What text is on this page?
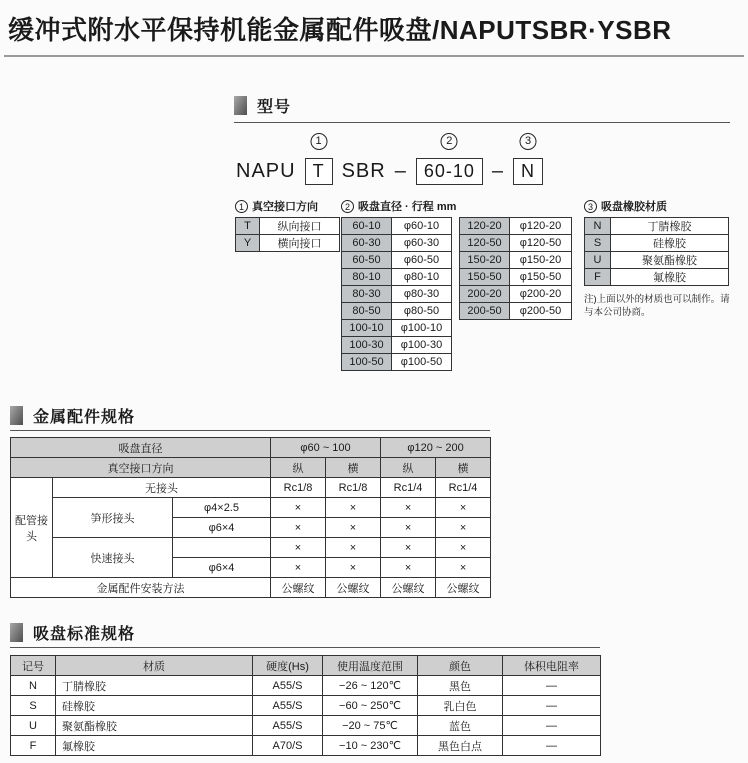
缓冲式附水平保持机能金属配件吸盘/NAPUTSBR·YSBR
型号
NAPU
1
T SBR –
2
60-10 –
3
N
1 真空接口方向
T	纵向接口
Y	横向接口
2 吸盘直径 · 行程 mm
60-10	φ60-10
60-30	φ60-30
60-50	φ60-50
80-10	φ80-10
80-30	φ80-30
80-50	φ80-50
100-10	φ100-10
100-30	φ100-30
100-50	φ100-50
120-20	φ120-20
120-50	φ120-50
150-20	φ150-20
150-50	φ150-50
200-20	φ200-20
200-50	φ200-50
3 吸盘橡胶材质
N	丁腈橡胶
S	硅橡胶
U	聚氨酯橡胶
F	氟橡胶
注)上面以外的材质也可以制作。请与本公司协商。
金属配件规格
吸盘直径			φ60 ~ 100		φ120 ~ 200	
真空接口方向			纵	横	纵	横
配管接头	无接头		Rc1/8	Rc1/8	Rc1/4	Rc1/4
	笋形接头	φ4×2.5	×	×	×	×
		φ6×4	×	×	×	×
	快速接头		×	×	×	×
		φ6×4	×	×	×	×
金属配件安装方法			公螺纹	公螺纹	公螺纹	公螺纹
吸盘标准规格
记号	材质	硬度(Hs)	使用温度范围	颜色	体积电阻率
N	丁腈橡胶	A55/S	−26 ~ 120℃	黑色	—
S	硅橡胶	A55/S	−60 ~ 250℃	乳白色	—
U	聚氨酯橡胶	A55/S	−20 ~ 75℃	蓝色	—
F	氟橡胶	A70/S	−10 ~ 230℃	黑色白点	—
